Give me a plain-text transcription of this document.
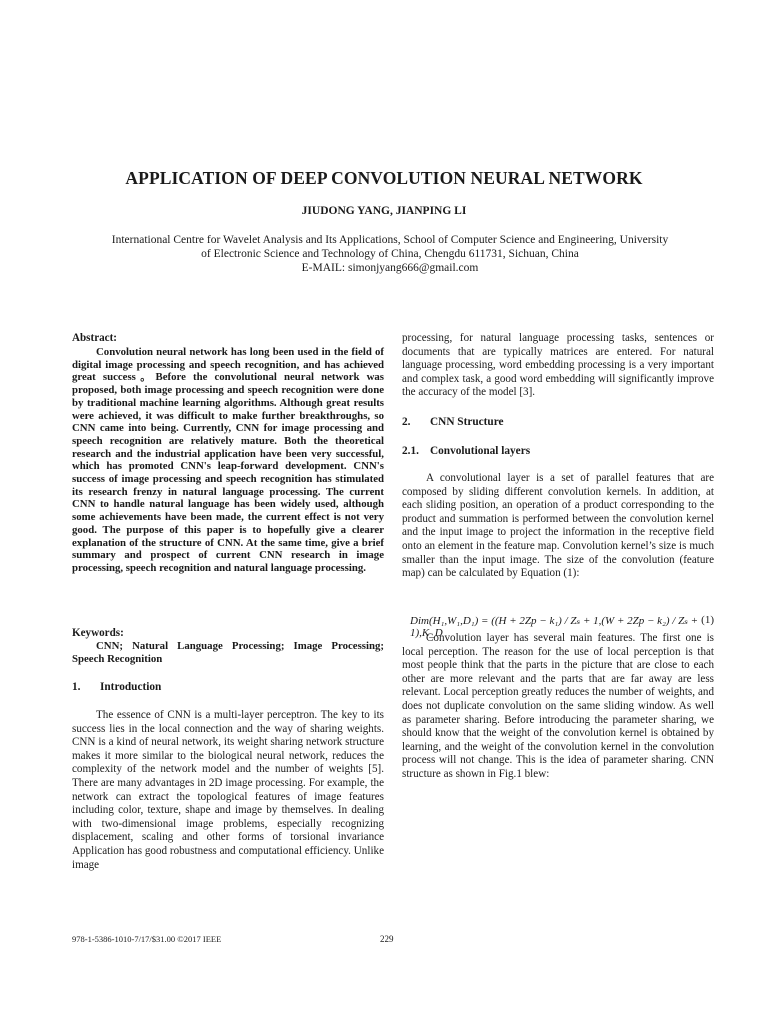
APPLICATION OF DEEP CONVOLUTION NEURAL NETWORK
JIUDONG YANG, JIANPING LI
International Centre for Wavelet Analysis and Its Applications, School of Computer Science and Engineering, University
of Electronic Science and Technology of China, Chengdu 611731, Sichuan, China
E-MAIL: simonjyang666@gmail.com
Abstract:
Convolution neural network has long been used in the field of digital image processing and speech recognition, and has achieved great success。Before the convolutional neural network was proposed, both image processing and speech recognition were done by traditional machine learning algorithms. Although great results were achieved, it was difficult to make further breakthroughs, so CNN came into being. Currently, CNN for image processing and speech recognition are relatively mature. Both the theoretical research and the industrial application have been very successful, which has promoted CNN's leap-forward development. CNN's success of image processing and speech recognition has stimulated its research frenzy in natural language processing. The current CNN to handle natural language has been widely used, although some achievements have been made, the current effect is not very good. The purpose of this paper is to hopefully give a clearer explanation of the structure of CNN. At the same time, give a brief summary and prospect of current CNN research in image processing, speech recognition and natural language processing.
Keywords:
CNN; Natural Language Processing; Image Processing; Speech Recognition
1. Introduction
The essence of CNN is a multi-layer perceptron. The key to its success lies in the local connection and the way of sharing weights. CNN is a kind of neural network, its weight sharing network structure makes it more similar to the biological neural network, reduces the complexity of the network model and the number of weights [5]. There are many advantages in 2D image processing. For example, the network can extract the topological features of image features including color, texture, shape and image by themselves. In dealing with two-dimensional image problems, especially recognizing displacement, scaling and other forms of torsional invariance Application has good robustness and computational efficiency. Unlike image
processing, for natural language processing tasks, sentences or documents that are typically matrices are entered. For natural language processing, word embedding processing is a very important and complex task, a good word embedding will significantly improve the accuracy of the model [3].
2. CNN Structure
2.1. Convolutional layers
A convolutional layer is a set of parallel features that are composed by sliding different convolution kernels. In addition, at each sliding position, an operation of a product corresponding to the product and summation is performed between the convolution kernel and the input image to project the information in the receptive field onto an element in the feature map. Convolution kernel’s size is much smaller than the input image. The size of the convolution (feature map) can be calculated by Equation (1):
Dim(H₁,W₁,D₁) = ((H + 2Zp − k₁) / Zₛ + 1,(W + 2Zp − k₂) / Zₛ + 1),K_D
(1)
Convolution layer has several main features. The first one is local perception. The reason for the use of local perception is that most people think that the parts in the picture that are close to each other are more relevant and the parts that are far away are less relevant. Local perception greatly reduces the number of weights, and does not duplicate convolution on the same sliding window. As well as parameter sharing. Before introducing the parameter sharing, we should know that the weight of the convolution kernel is obtained by learning, and the weight of the convolution kernel in the convolution process will not change. This is the idea of parameter sharing. CNN structure as shown in Fig.1 blew:
978-1-5386-1010-7/17/$31.00 ©2017 IEEE	229
